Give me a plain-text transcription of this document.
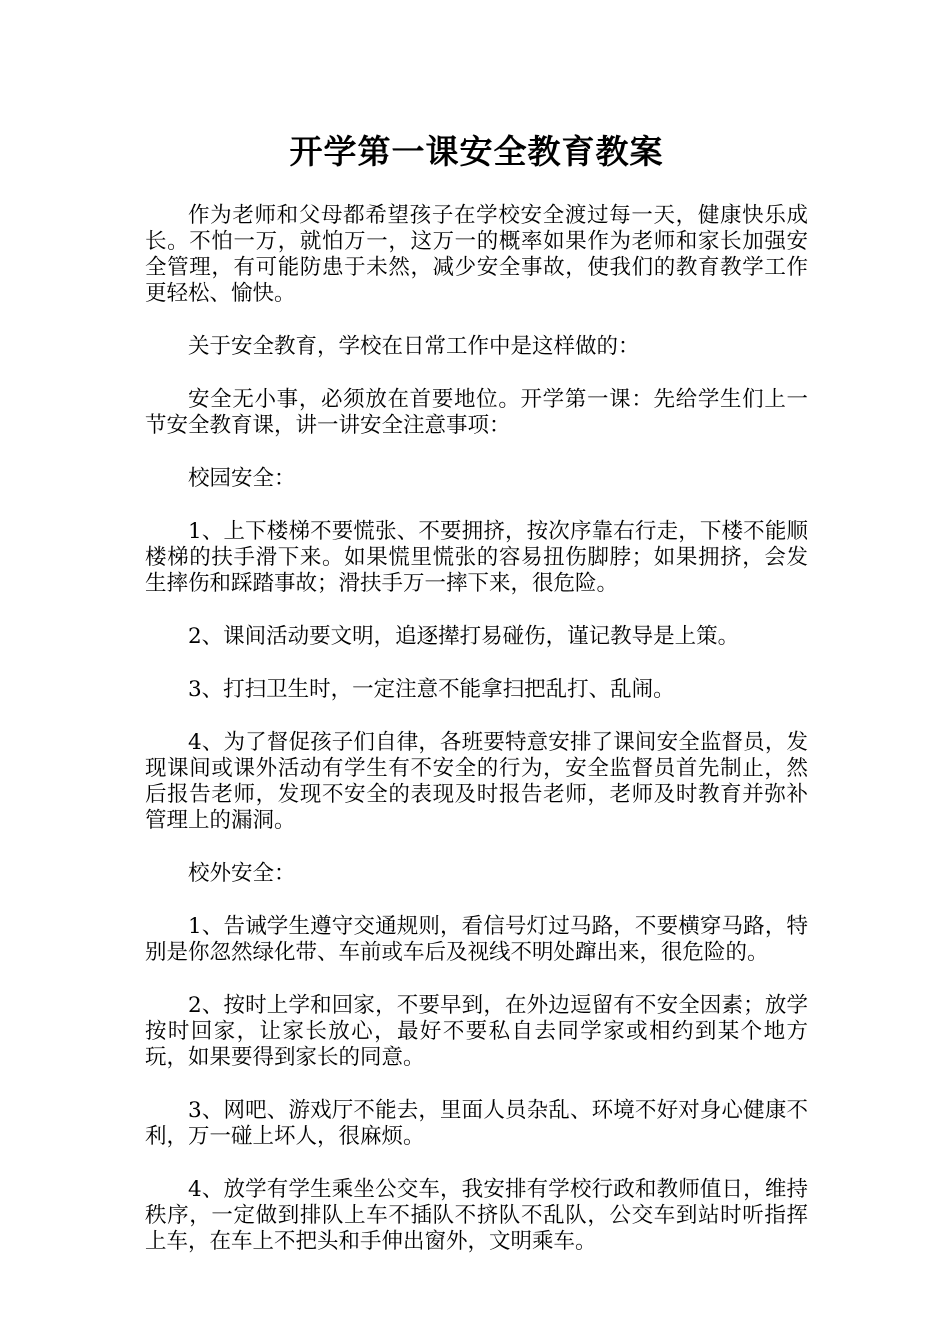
开学第一课安全教育教案

作为老师和父母都希望孩子在学校安全渡过每一天，健康快乐成长。不怕一万，就怕万一，这万一的概率如果作为老师和家长加强安全管理，有可能防患于未然，减少安全事故，使我们的教育教学工作更轻松、愉快。

关于安全教育，学校在日常工作中是这样做的：

安全无小事，必须放在首要地位。开学第一课：先给学生们上一节安全教育课，讲一讲安全注意事项：

校园安全：

1、上下楼梯不要慌张、不要拥挤，按次序靠右行走，下楼不能顺楼梯的扶手滑下来。如果慌里慌张的容易扭伤脚脖；如果拥挤，会发生摔伤和踩踏事故；滑扶手万一摔下来，很危险。

2、课间活动要文明，追逐撵打易碰伤，谨记教导是上策。

3、打扫卫生时，一定注意不能拿扫把乱打、乱闹。

4、为了督促孩子们自律，各班要特意安排了课间安全监督员，发现课间或课外活动有学生有不安全的行为，安全监督员首先制止，然后报告老师，发现不安全的表现及时报告老师，老师及时教育并弥补管理上的漏洞。

校外安全：

1、告诫学生遵守交通规则，看信号灯过马路，不要横穿马路，特别是你忽然绿化带、车前或车后及视线不明处蹿出来，很危险的。

2、按时上学和回家，不要早到，在外边逗留有不安全因素；放学按时回家，让家长放心，最好不要私自去同学家或相约到某个地方玩，如果要得到家长的同意。

3、网吧、游戏厅不能去，里面人员杂乱、环境不好对身心健康不利，万一碰上坏人，很麻烦。

4、放学有学生乘坐公交车，我安排有学校行政和教师值日，维持秩序，一定做到排队上车不插队不挤队不乱队，公交车到站时听指挥上车，在车上不把头和手伸出窗外，文明乘车。
